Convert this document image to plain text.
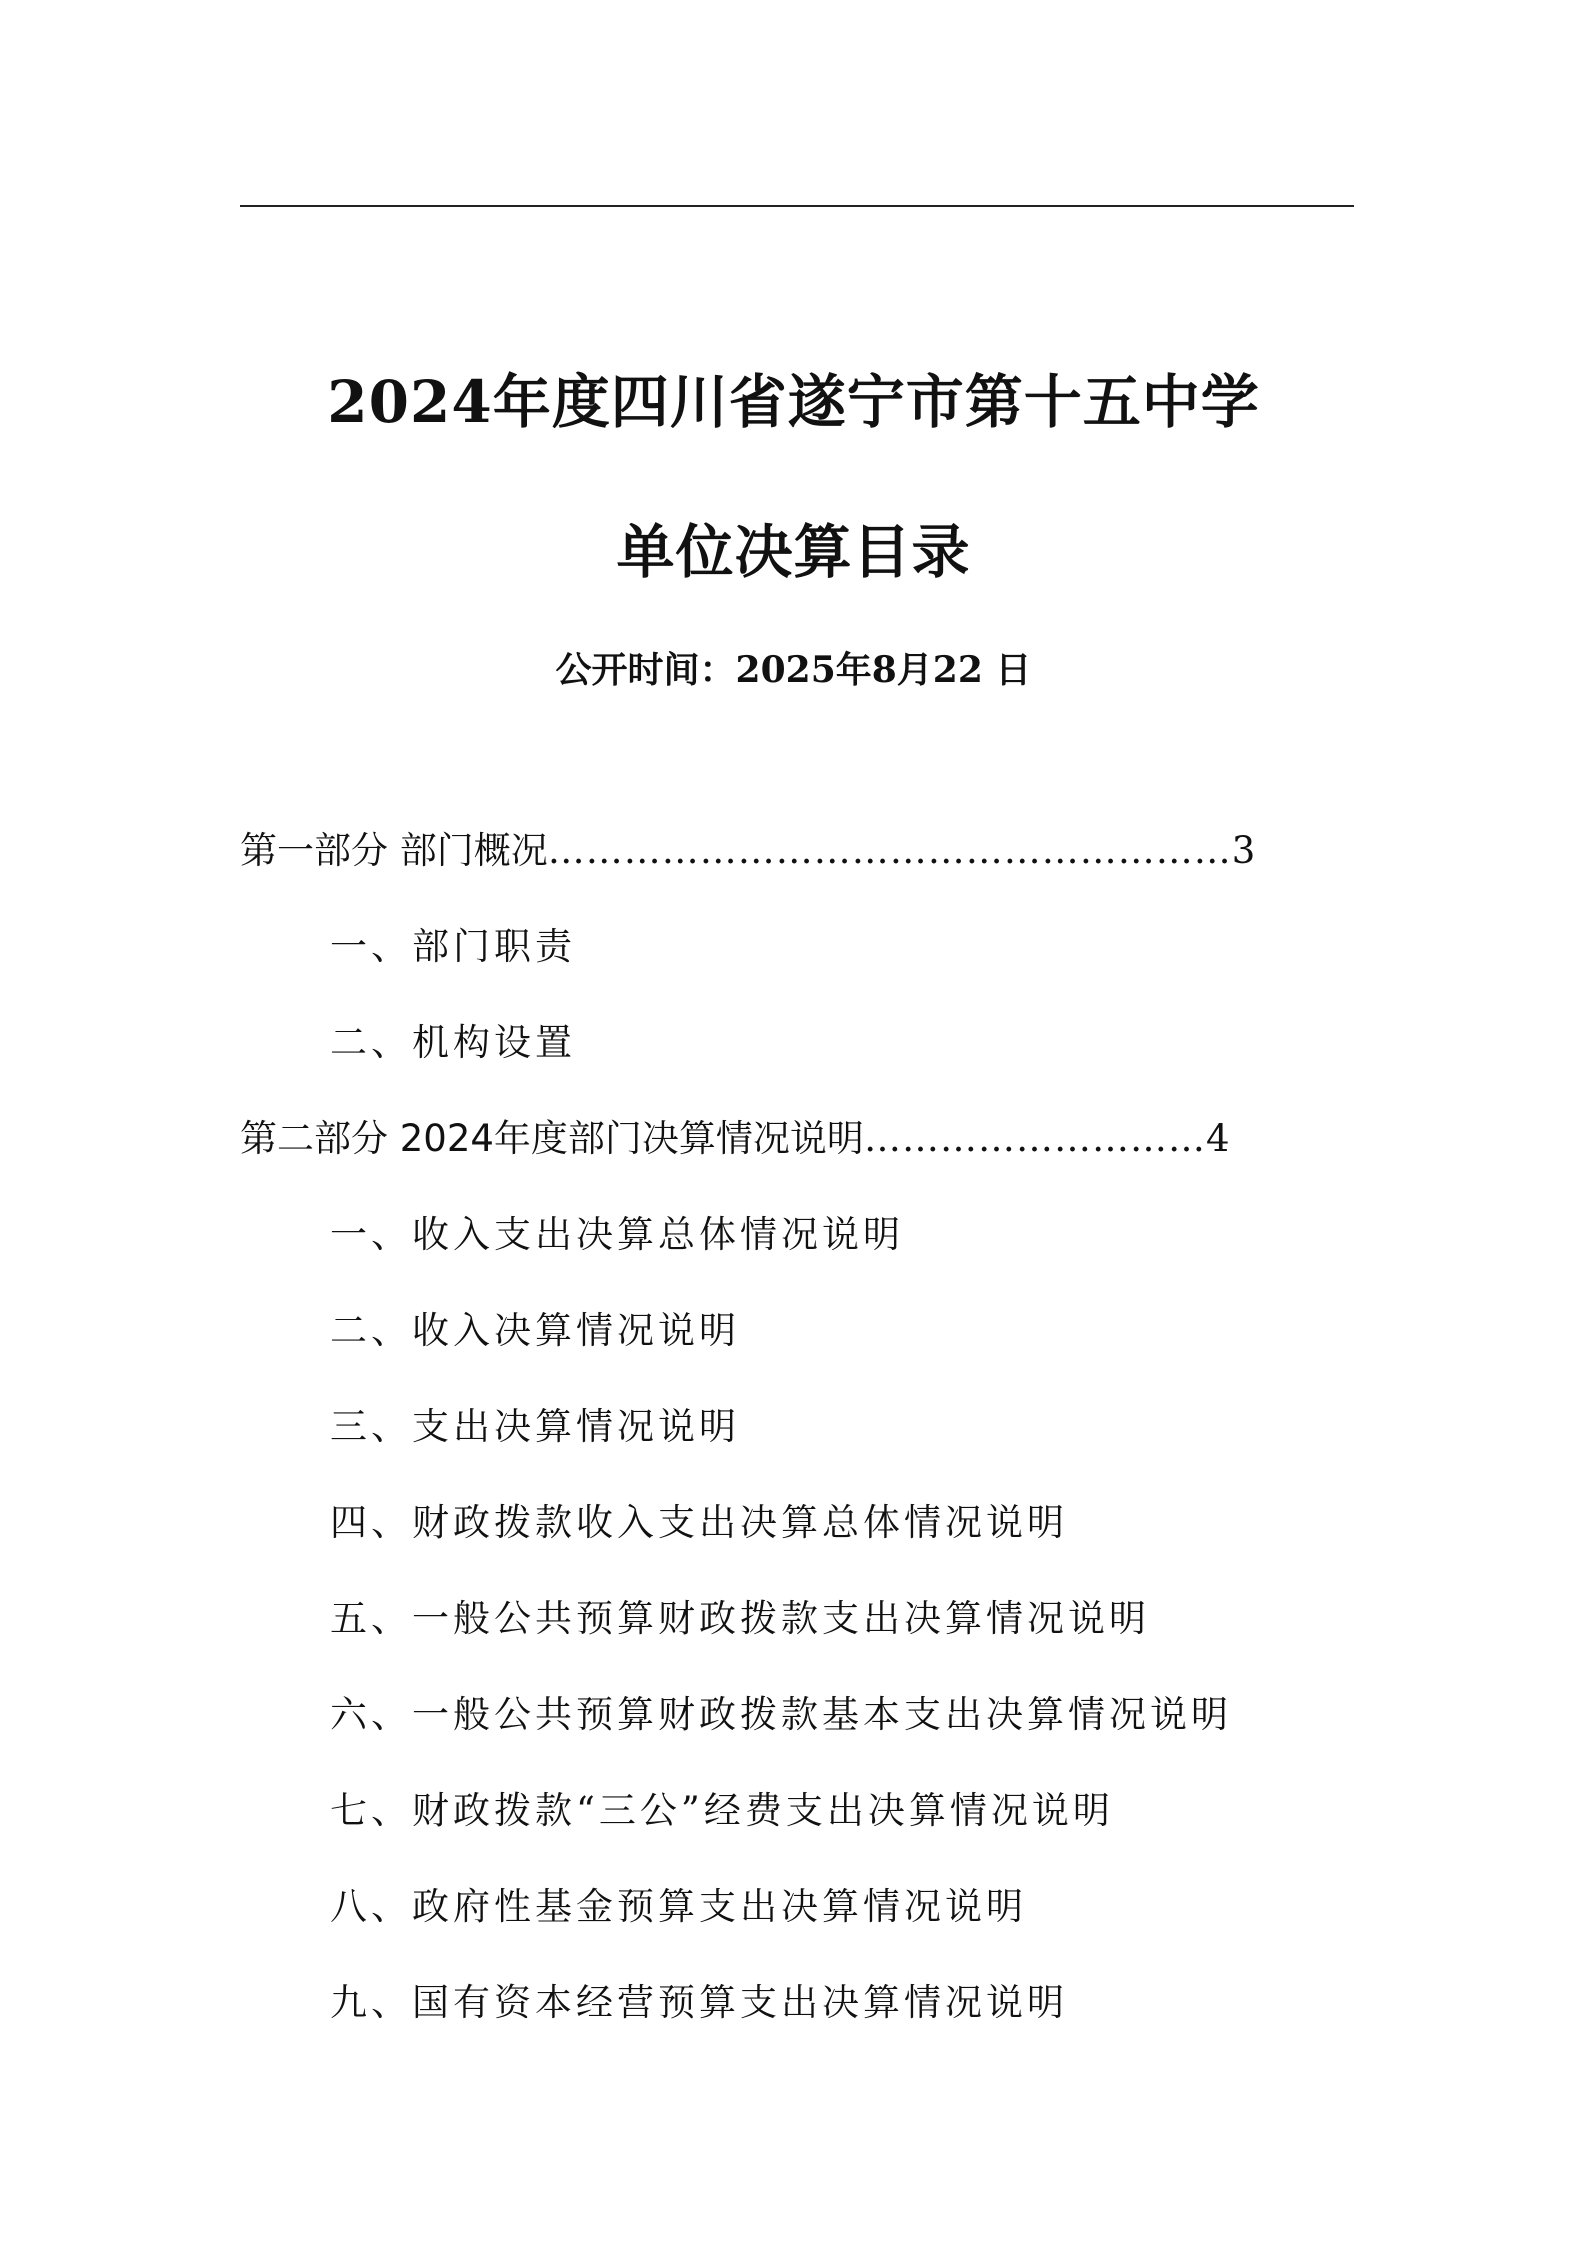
2024年度四川省遂宁市第十五中学
单位决算目录
公开时间：2025年8月22 日
第一部分 部门概况 ……………………………………………… 3
一、部门职责
二、机构设置
第二部分 2024年度部门决算情况说明 ……………………… 4
一、收入支出决算总体情况说明
二、收入决算情况说明
三、支出决算情况说明
四、财政拨款收入支出决算总体情况说明
五、一般公共预算财政拨款支出决算情况说明
六、一般公共预算财政拨款基本支出决算情况说明
七、财政拨款“三公”经费支出决算情况说明
八、政府性基金预算支出决算情况说明
九、国有资本经营预算支出决算情况说明
